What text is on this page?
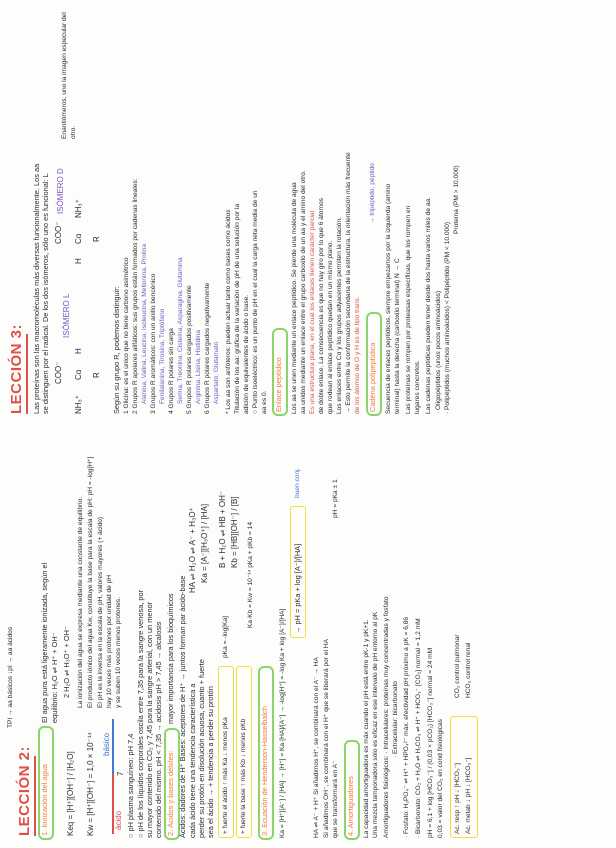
TPI → aa básicos ↓pI → aa ácidos
LECCIÓN 2: 1. Ionización del agua
El agua pura está ligeramente ionizada, según el equilibrio: H₂O ⇌ H⁺ + OH⁻ 2 H₂O ⇌ H₃O⁺ + OH⁻
Keq = [H⁺][OH⁻] / [H₂O] Kw = [H⁺][OH⁻] = 1,0 × 10⁻¹⁴
La ionización del agua se expresa mediante una constante de equilibrio. El producto iónico del agua Kw, constituye la base para la escala de pH: pH = -log[H⁺] El pH es la inversa en la escala de pH, valores mayores (+ ácido) hay 10 veces más protones por unidad de pH y se suben 10 veces menos protones.
ácido
básico
7 ○ pH plasma sanguíneo: pH 7,4 ○ pH de los líquidos corporales oscila entre 7,35 para la sangre venosa, por su mayor contenido en CO₂ y 7,45 para la sangre arterial, con un menor contenido del mismo. pH < 7,35 → acidosis pH > 7,45 → alcalosis 2. Ácidos y bases débiles:
mayor importancia para los bioquímicos Ácidos: dadores de H⁺ Bases: aceptores de H⁺ → juntos forman par ácido-base cada ácido tiene una tendencia característica a perder su protón en disolución acuosa, cuanto + fuerte sea el ácido → + tendencia a perder su protón
HA ⇌ H₂O ⇌ A⁻ + H₃O⁺ Ka = [A⁻][H₃O⁺] / [HA]
+ fuerte el ácido ↑ más Ka ↓ menos pKa
pKa = -log[Ka]
B + H₂O ⇌ HB + OH⁻ Kb = [HB][OH⁻] / [B]
+ fuerte la base ↑ más Kb ↓ menos pKb
Ka·Kb = Kw = 10⁻¹⁴ pKa + pKb = 14
3. Ecuación de Henderson-Hasselbalch Ka = [H⁺][A⁻] / [HA] → [H⁺] = Ka·[HA]/[A⁻] → -log[H⁺] = -log Ka + log [A⁻]/[HA]
→ pH = pKa + log [A⁻]/[HA]
buen conj.
HA ⇌ A⁻ + H⁺ Si añadimos H⁺, se combinará con el A⁻ → HA Si añadimos OH⁻, se combinará con el H⁺ que se liberará por el HA que se transformará en A⁻
pH = pKa ± 1
4. Amortiguadores La capacidad amortiguadora es máx cuando el pH está entre pK-1 y pK+1. Una mezcla tamponadora sólo es eficaz en ese intervalo de pH entorno al pK Amortiguadores fisiológicos: · Intracelulares: proteínas muy concentradas y fosfato · Extracelular: bicarbonato · Fosfato: H₂PO₄⁻ ⇌ H⁺ + HPO₄²⁻ máx. efectividad pH próximo a pK = 6,86 · Bicarbonato: CO₂ + H₂O ⇌ H₂CO₃ ⇌ H⁺ + HCO₃⁻ [CO₂] normal = 1,2 mM pH = 6,1 + log [HCO₃⁻] / (0,03 × pCO₂) [HCO₃⁻] normal = 24 mM 0,03 = valor del CO₂ en cond fisiológicas Ac. resp ↑ pH ↓ [HCO₃⁻] Ac. metab ↓ pH ↓ [HCO₃⁻]
CO₂ control pulmonar HCO₃ control renal
LECCIÓN 3: Las proteínas son las macromoléculas más diversas funcionalmente. Los aa se distinguen por el radical. De los dos isómeros, sólo uno es funcional: L COO⁻
NH₃⁺
Cα
H
R
ISÓMERO L
COO⁻
H
Cα
NH₃⁺
R
ISÓMERO D
Enantiómeros, uno la imagen especular del otro.
Según su grupo R, podemos distinguir: 1 Glicina: es el único que no tiene carbono asimétrico 2 Grupos R apolares alifáticos: sus grupos están formados por cadenas lineales: Alanina, Valina, Leucina, Isoleucina, Metionina, Prolina 3 Grupos R aromáticos: con un anillo bencénico Fenilalanina, Tirosina, Triptófano 4 Grupos R polares sin carga Serina, Treonina, Cisteína, Asparagina, Glutamina 5 Grupos R polares cargados positivamente Arginina, Lisina, Histidina 6 Grupos R polares cargados negativamente Aspartato, Glutamato * Los aa son anfóteros: pueden actuar tanto como bases como ácidos Titulación de los aa: gráfica de la variación de pH de una solución por la adición de equivalentes de ácido o base. ○ Punto isoeléctrico: es un punto de pH en el cual la carga neta media de un aa es 0. Enlace peptídico Los aa se unen mediante un enlace peptídico. Se pierde una molécula de agua aa unidos mediante un enlace entre el grupo carboxilo de un aa y el amino del otro. Es una estructura plana, en el cual los enlaces tienen carácter parcial de doble enlace. La consecuencia es que no hay giro por lo que 6 átomos que rodean al enlace peptídico quedan en un mismo plano. Los enlaces entre Cα y los grupos adyacentes permiten la rotación. → Esto permite la conformación secundaria de la estructura, la orientación más frecuente de los átomos de O y H es de tipo trans. Cadena polipeptídica
→ tripéptido, péptido Secuencia de enlaces peptídicos, siempre empezamos por la izquierda (amino terminal) hasta la derecha (carboxilo terminal) N → C Las proteínas se rompen por proteasas específicas, que los rompen en lugares concretos. Las cadenas peptídicas pueden tener desde dos hasta varios miles de aa. · Oligopéptidos (unos pocos aminoácidos) · Polipéptidos (muchos aminoácidos) < Polipéptido (PM < 10.000)
Proteína (PM > 10.000)
